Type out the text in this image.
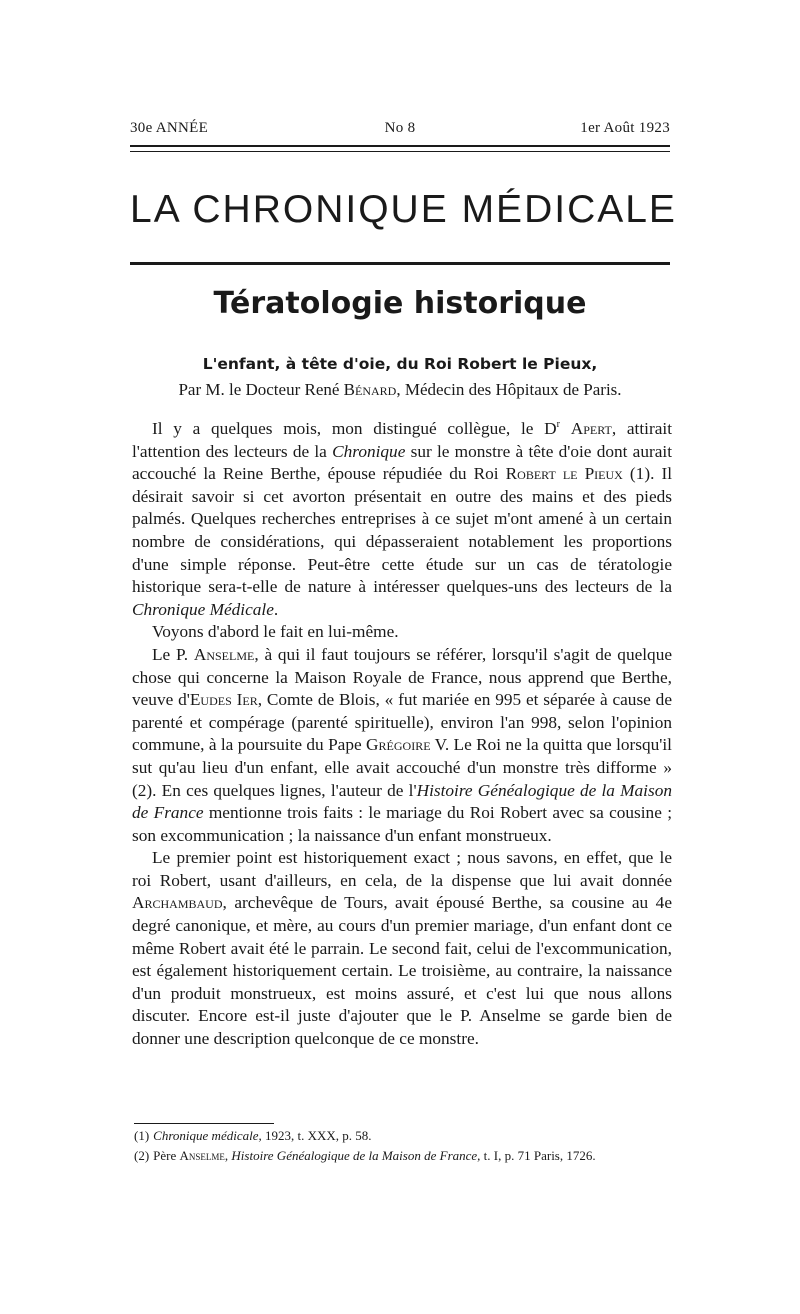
30e ANNÉE	No 8	1er Août 1923
LA CHRONIQUE MÉDICALE
Tératologie historique
L'enfant, à tête d'oie, du Roi Robert le Pieux,
Par M. le Docteur René Bénard, Médecin des Hôpitaux de Paris.

Il y a quelques mois, mon distingué collègue, le $D^r$ Apert, attirait l'attention des lecteurs de la Chronique sur le monstre à tête d'oie dont aurait accouché la Reine Berthe, épouse répudiée du Roi Robert le Pieux (1). Il désirait savoir si cet avorton présentait en outre des mains et des pieds palmés. Quelques recherches entreprises à ce sujet m'ont amené à un certain nombre de considérations, qui dépasseraient notablement les proportions d'une simple réponse. Peut-être cette étude sur un cas de tératologie historique sera-t-elle de nature à intéresser quelques-uns des lecteurs de la Chronique Médicale.

Voyons d'abord le fait en lui-même.

Le P. Anselme, à qui il faut toujours se référer, lorsqu'il s'agit de quelque chose qui concerne la Maison Royale de France, nous apprend que Berthe, veuve d'Eudes Ier, Comte de Blois, « fut mariée en 995 et séparée à cause de parenté et compérage (parenté spirituelle), environ l'an 998, selon l'opinion commune, à la poursuite du Pape Grégoire V. Le Roi ne la quitta que lorsqu'il sut qu'au lieu d'un enfant, elle avait accouché d'un monstre très difforme » (2). En ces quelques lignes, l'auteur de l'Histoire Généalogique de la Maison de France mentionne trois faits : le mariage du Roi Robert avec sa cousine ; son excommunication ; la naissance d'un enfant monstrueux.

Le premier point est historiquement exact ; nous savons, en effet, que le roi Robert, usant d'ailleurs, en cela, de la dispense que lui avait donnée Archambaud, archevêque de Tours, avait épousé Berthe, sa cousine au 4e degré canonique, et mère, au cours d'un premier mariage, d'un enfant dont ce même Robert avait été le parrain. Le second fait, celui de l'excommunication, est également historiquement certain. Le troisième, au contraire, la naissance d'un produit monstrueux, est moins assuré, et c'est lui que nous allons discuter. Encore est-il juste d'ajouter que le P. Anselme se garde bien de donner une description quelconque de ce monstre.

(1) Chronique médicale, 1923, t. XXX, p. 58.
(2) Père Anselme, Histoire Généalogique de la Maison de France, t. I, p. 71 Paris, 1726.
